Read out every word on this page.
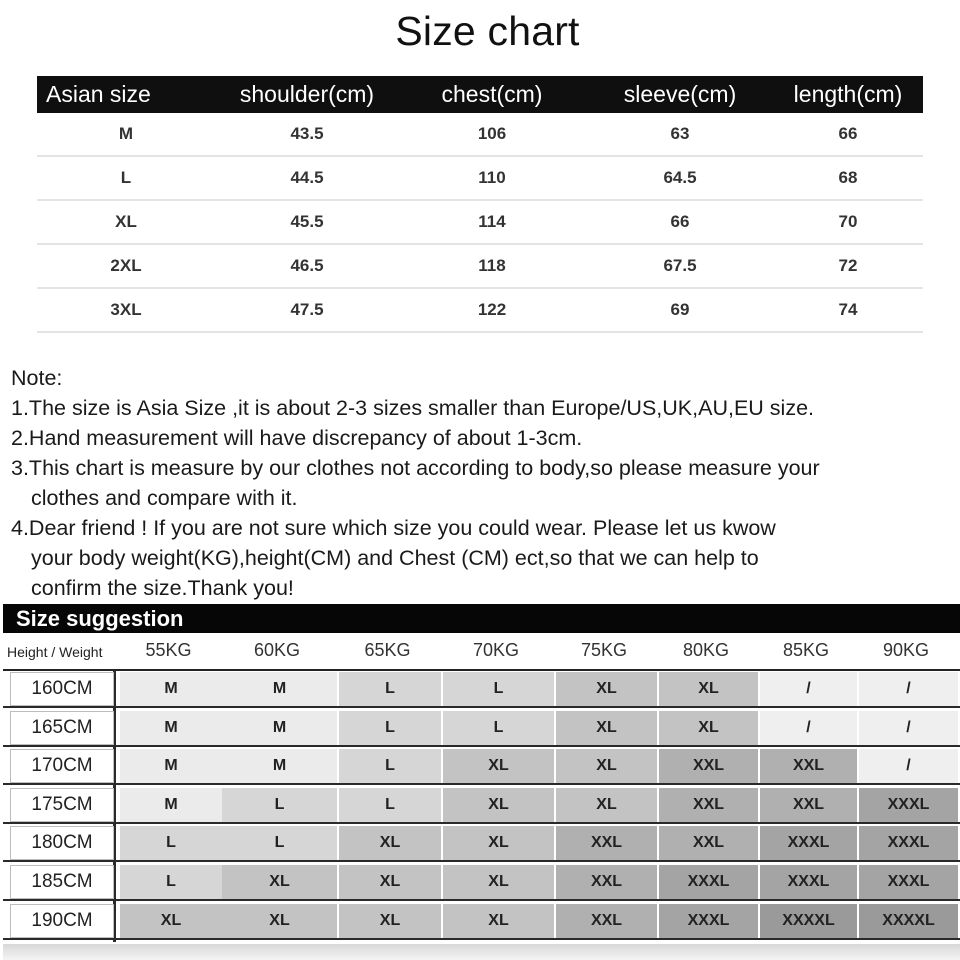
Size chart
Asian size	shoulder(cm)	chest(cm)	sleeve(cm)	length(cm)
M	43.5	106	63	66
L	44.5	110	64.5	68
XL	45.5	114	66	70
2XL	46.5	118	67.5	72
3XL	47.5	122	69	74
Note:
1.The size is Asia Size ,it is about 2-3 sizes smaller than Europe/US,UK,AU,EU size.
2.Hand measurement will have discrepancy of about 1-3cm.
3.This chart is measure by our clothes not according to body,so please measure your
clothes and compare with it.
4.Dear friend ! If you are not sure which size you could wear. Please let us kwow
your body weight(KG),height(CM) and Chest (CM) ect,so that we can help to
confirm the size.Thank you!
Size suggestion
Height / Weight	55KG	60KG	65KG	70KG	75KG	80KG	85KG	90KG
160CM	M	M	L	L	XL	XL	/	/
165CM	M	M	L	L	XL	XL	/	/
170CM	M	M	L	XL	XL	XXL	XXL	/
175CM	M	L	L	XL	XL	XXL	XXL	XXXL
180CM	L	L	XL	XL	XXL	XXL	XXXL	XXXL
185CM	L	XL	XL	XL	XXL	XXXL	XXXL	XXXL
190CM	XL	XL	XL	XL	XXL	XXXL	XXXXL	XXXXL
